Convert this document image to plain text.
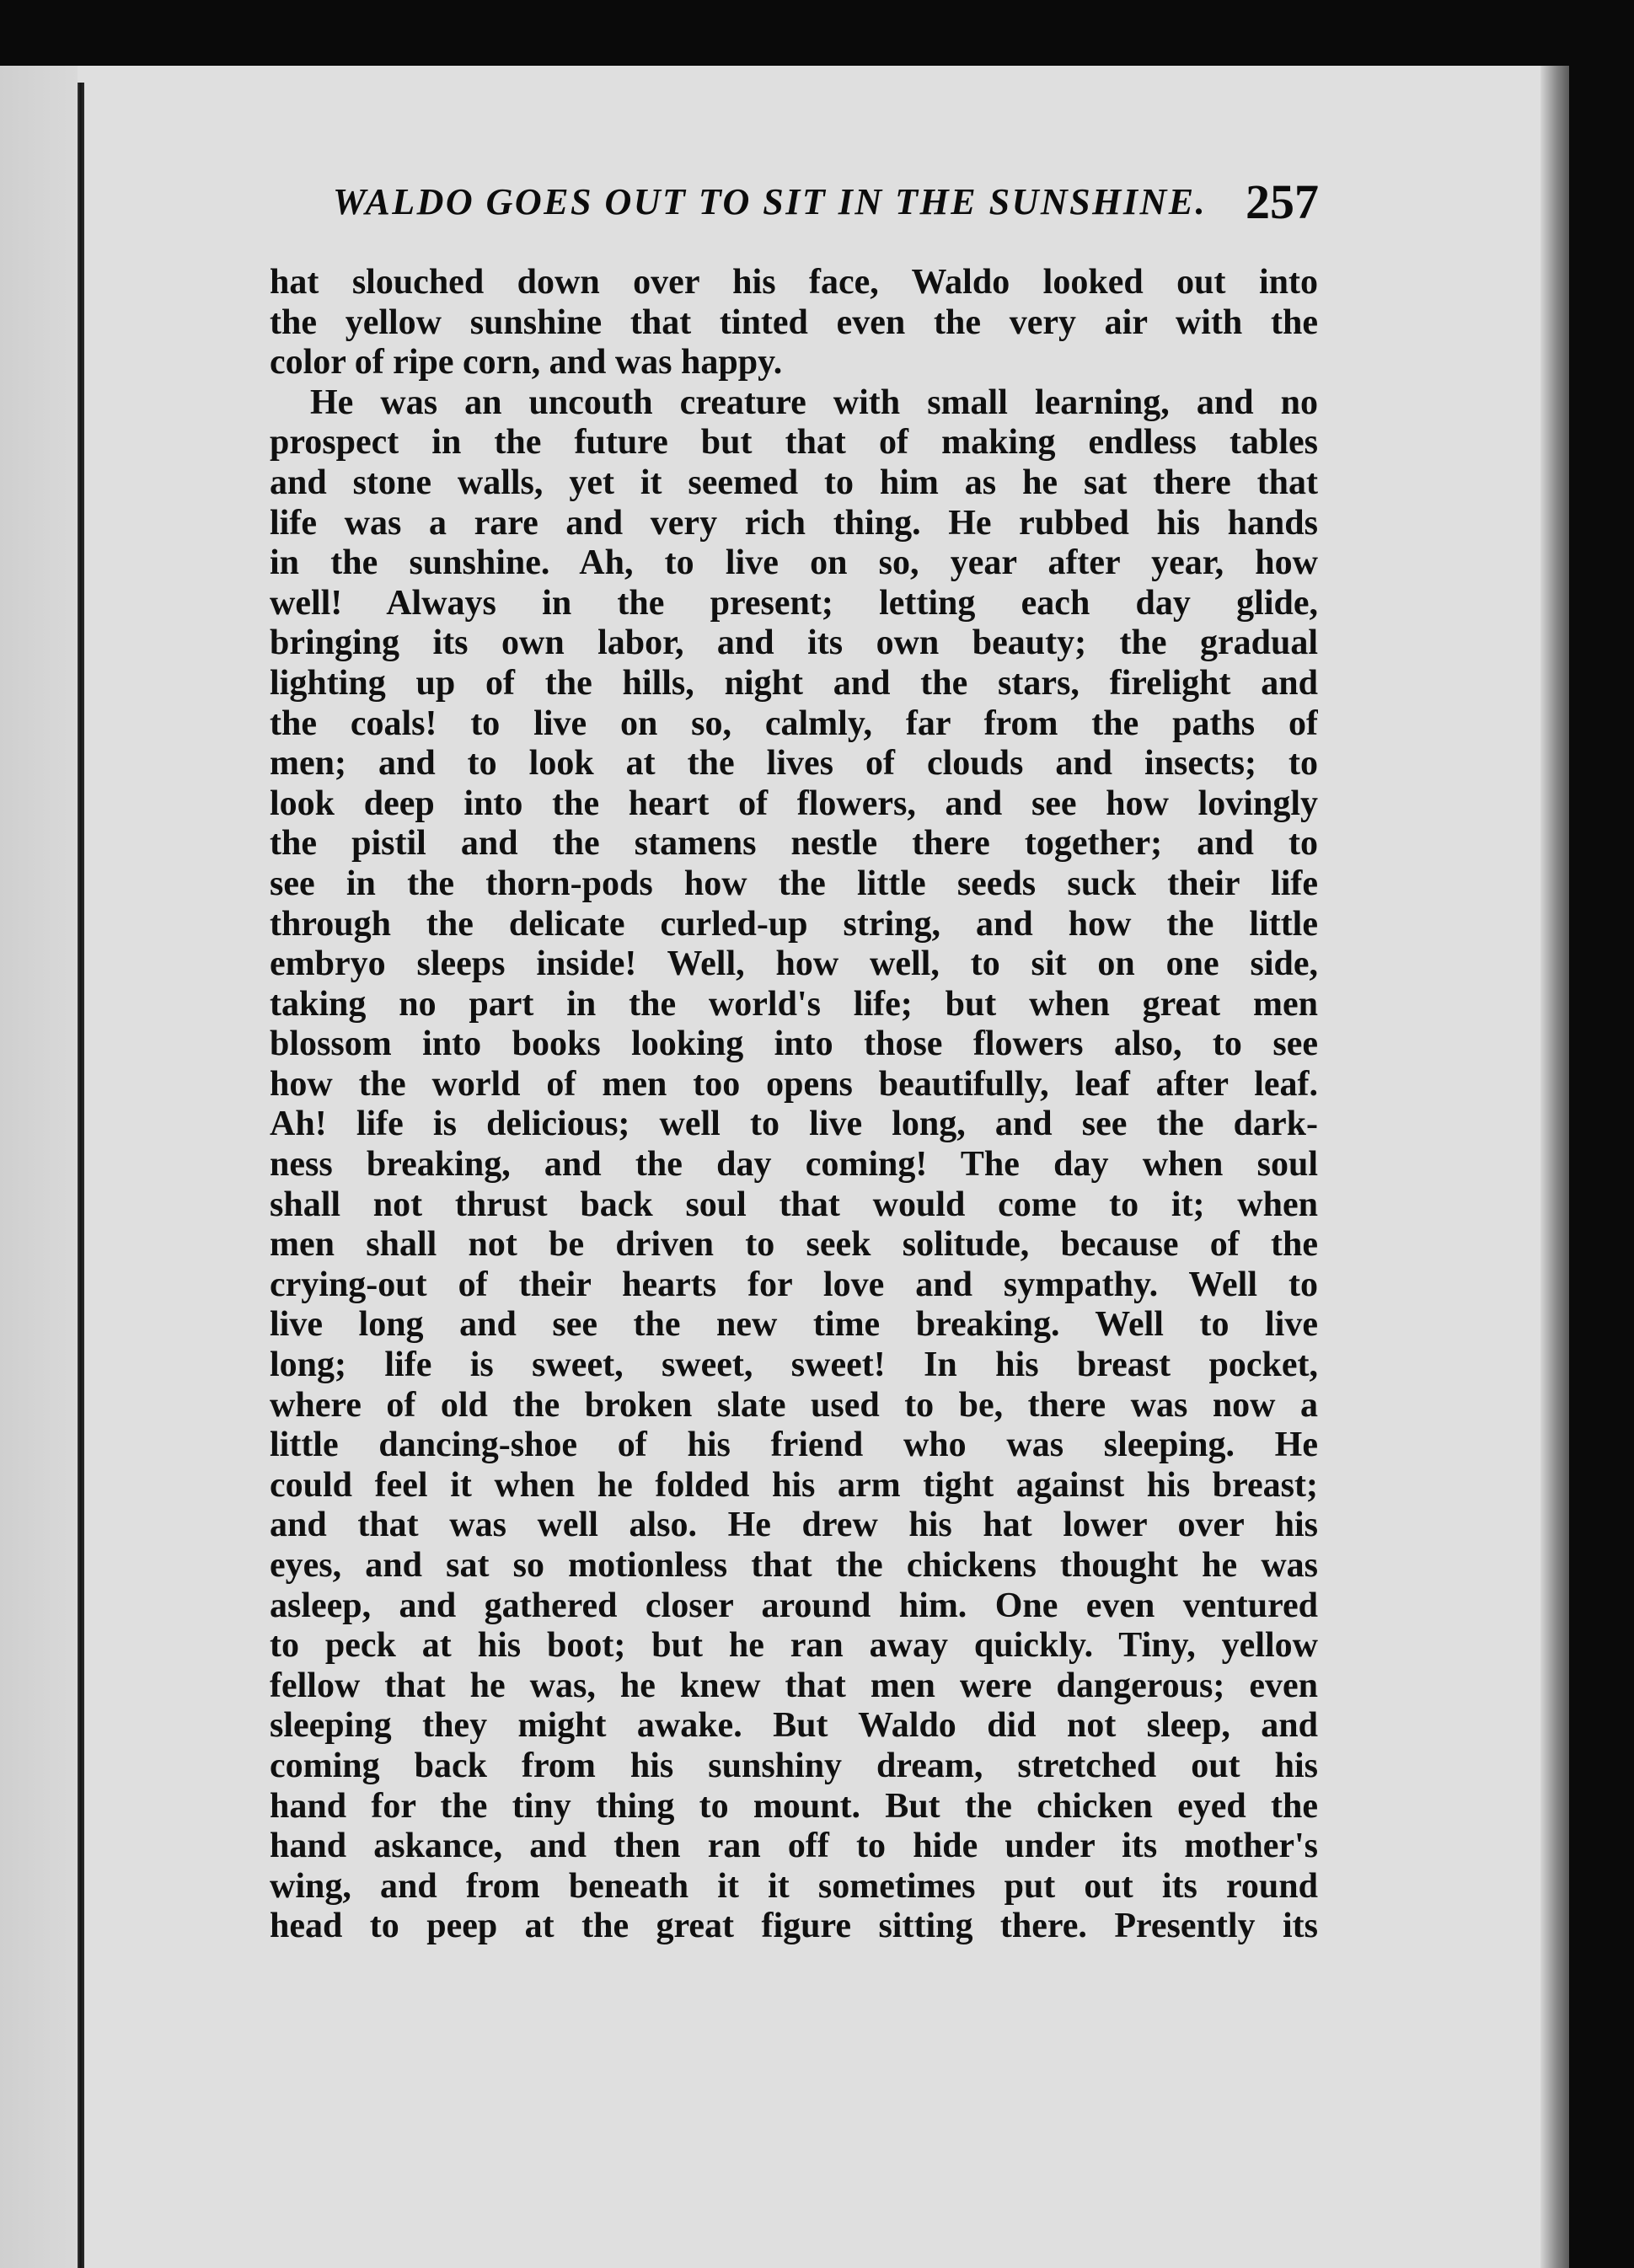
WALDO GOES OUT TO SIT IN THE SUNSHINE. 257
hat slouched down over his face, Waldo looked out into
the yellow sunshine that tinted even the very air with the
color of ripe corn, and was happy.
He was an uncouth creature with small learning, and no
prospect in the future but that of making endless tables
and stone walls, yet it seemed to him as he sat there that
life was a rare and very rich thing. He rubbed his hands
in the sunshine. Ah, to live on so, year after year, how
well! Always in the present; letting each day glide,
bringing its own labor, and its own beauty; the gradual
lighting up of the hills, night and the stars, firelight and
the coals! to live on so, calmly, far from the paths of
men; and to look at the lives of clouds and insects; to
look deep into the heart of flowers, and see how lovingly
the pistil and the stamens nestle there together; and to
see in the thorn-pods how the little seeds suck their life
through the delicate curled-up string, and how the little
embryo sleeps inside! Well, how well, to sit on one side,
taking no part in the world's life; but when great men
blossom into books looking into those flowers also, to see
how the world of men too opens beautifully, leaf after leaf.
Ah! life is delicious; well to live long, and see the dark-
ness breaking, and the day coming! The day when soul
shall not thrust back soul that would come to it; when
men shall not be driven to seek solitude, because of the
crying-out of their hearts for love and sympathy. Well to
live long and see the new time breaking. Well to live
long; life is sweet, sweet, sweet! In his breast pocket,
where of old the broken slate used to be, there was now a
little dancing-shoe of his friend who was sleeping. He
could feel it when he folded his arm tight against his breast;
and that was well also. He drew his hat lower over his
eyes, and sat so motionless that the chickens thought he was
asleep, and gathered closer around him. One even ventured
to peck at his boot; but he ran away quickly. Tiny, yellow
fellow that he was, he knew that men were dangerous; even
sleeping they might awake. But Waldo did not sleep, and
coming back from his sunshiny dream, stretched out his
hand for the tiny thing to mount. But the chicken eyed the
hand askance, and then ran off to hide under its mother's
wing, and from beneath it it sometimes put out its round
head to peep at the great figure sitting there. Presently its
